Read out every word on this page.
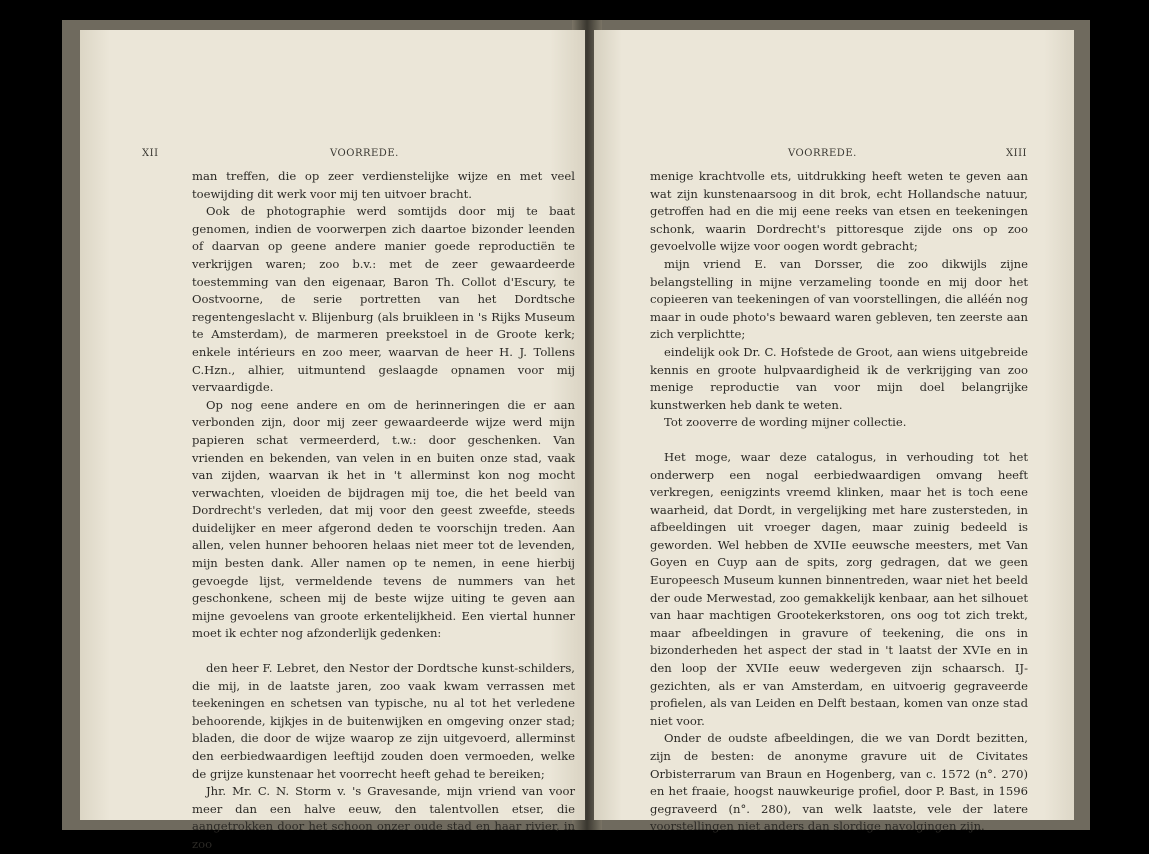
XII	VOORREDE.

man treffen, die op zeer verdienstelijke wijze en met veel toewijding dit werk voor mij ten uitvoer bracht.

Ook de photographie werd somtijds door mij te baat genomen, indien de voorwerpen zich daartoe bizonder leenden of daarvan op geene andere manier goede reproductiën te verkrijgen waren; zoo b.v.: met de zeer gewaardeerde toestemming van den eigenaar, Baron Th. Collot d'Escury, te Oostvoorne, de serie portretten van het Dordtsche regentengeslacht v. Blijenburg (als bruikleen in 's Rijks Museum te Amsterdam), de marmeren preekstoel in de Groote kerk; enkele intérieurs en zoo meer, waarvan de heer H. J. Tollens C.Hzn., alhier, uitmuntend geslaagde opnamen voor mij vervaardigde.

Op nog eene andere en om de herinneringen die er aan verbonden zijn, door mij zeer gewaardeerde wijze werd mijn papieren schat vermeerderd, t.w.: door geschenken. Van vrienden en bekenden, van velen in en buiten onze stad, vaak van zijden, waarvan ik het in 't allerminst kon nog mocht verwachten, vloeiden de bijdragen mij toe, die het beeld van Dordrecht's verleden, dat mij voor den geest zweefde, steeds duidelijker en meer afgerond deden te voorschijn treden. Aan allen, velen hunner behooren helaas niet meer tot de levenden, mijn besten dank. Aller namen op te nemen, in eene hierbij gevoegde lijst, vermeldende tevens de nummers van het geschonkene, scheen mij de beste wijze uiting te geven aan mijne gevoelens van groote erkentelijkheid. Een viertal hunner moet ik echter nog afzonderlijk gedenken:

den heer F. Lebret, den Nestor der Dordtsche kunst-schilders, die mij, in de laatste jaren, zoo vaak kwam verrassen met teekeningen en schetsen van typische, nu al tot het verledene behoorende, kijkjes in de buitenwijken en omgeving onzer stad; bladen, die door de wijze waarop ze zijn uitgevoerd, allerminst den eerbiedwaardigen leeftijd zouden doen vermoeden, welke de grijze kunstenaar het voorrecht heeft gehad te bereiken;

Jhr. Mr. C. N. Storm v. 's Gravesande, mijn vriend van voor meer dan een halve eeuw, den talentvollen etser, die aangetrokken door het schoon onzer oude stad en haar rivier, in zoo

VOORREDE.	XIII

menige krachtvolle ets, uitdrukking heeft weten te geven aan wat zijn kunstenaarsoog in dit brok, echt Hollandsche natuur, getroffen had en die mij eene reeks van etsen en teekeningen schonk, waarin Dordrecht's pittoresque zijde ons op zoo gevoelvolle wijze voor oogen wordt gebracht;

mijn vriend E. van Dorsser, die zoo dikwijls zijne belangstelling in mijne verzameling toonde en mij door het copieeren van teekeningen of van voorstellingen, die alléén nog maar in oude photo's bewaard waren gebleven, ten zeerste aan zich verplichtte;

eindelijk ook Dr. C. Hofstede de Groot, aan wiens uitgebreide kennis en groote hulpvaardigheid ik de verkrijging van zoo menige reproductie van voor mijn doel belangrijke kunstwerken heb dank te weten.

Tot zooverre de wording mijner collectie.

Het moge, waar deze catalogus, in verhouding tot het onderwerp een nogal eerbiedwaardigen omvang heeft verkregen, eenigzints vreemd klinken, maar het is toch eene waarheid, dat Dordt, in vergelijking met hare zustersteden, in afbeeldingen uit vroeger dagen, maar zuinig bedeeld is geworden. Wel hebben de XVIIe eeuwsche meesters, met Van Goyen en Cuyp aan de spits, zorg gedragen, dat we geen Europeesch Museum kunnen binnentreden, waar niet het beeld der oude Merwestad, zoo gemakkelijk kenbaar, aan het silhouet van haar machtigen Grootekerkstoren, ons oog tot zich trekt, maar afbeeldingen in gravure of teekening, die ons in bizonderheden het aspect der stad in 't laatst der XVIe en in den loop der XVIIe eeuw wedergeven zijn schaarsch. IJ-gezichten, als er van Amsterdam, en uitvoerig gegraveerde profielen, als van Leiden en Delft bestaan, komen van onze stad niet voor.

Onder de oudste afbeeldingen, die we van Dordt bezitten, zijn de besten: de anonyme gravure uit de Civitates Orbisterrarum van Braun en Hogenberg, van c. 1572 (n°. 270) en het fraaie, hoogst nauwkeurige profiel, door P. Bast, in 1596 gegraveerd (n°. 280), van welk laatste, vele der latere voorstellingen niet anders dan slordige navolgingen zijn.
